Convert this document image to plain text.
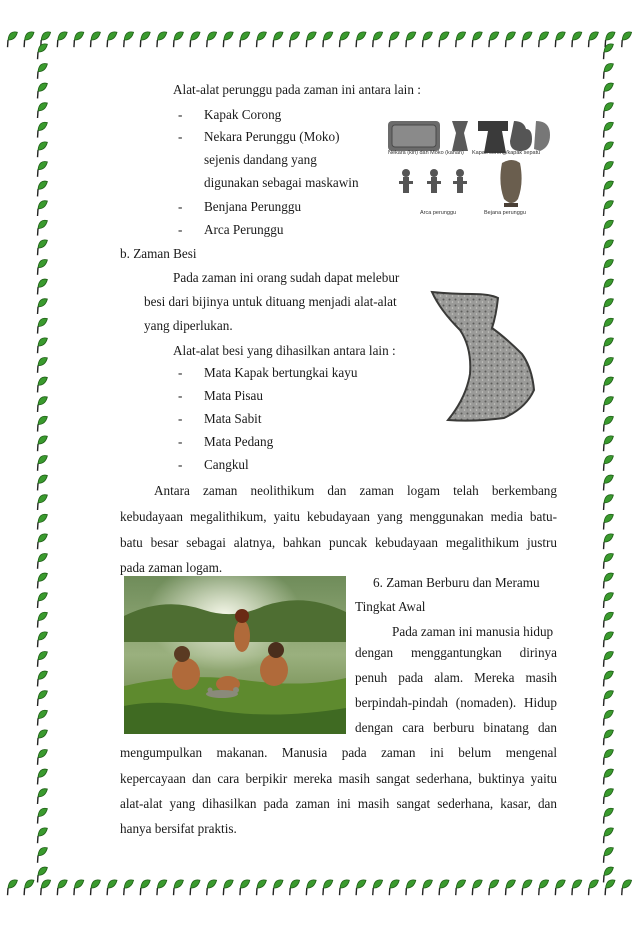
Alat-alat perunggu pada zaman ini antara lain :
- Kapak Corong
- Nekara Perunggu (Moko)
sejenis dandang yang
digunakan sebagai maskawin
- Benjana Perunggu
- Arca Perunggu
Nekara (kiri) dan Moko (kanan) Kapak corong/kapak sepatu
Arca perunggu	Bejana perunggu
b. Zaman Besi
Pada zaman ini orang sudah dapat melebur
besi dari bijinya untuk dituang menjadi alat-alat
yang diperlukan.
Alat-alat besi yang dihasilkan antara lain :
- Mata Kapak bertungkai kayu
- Mata Pisau
- Mata Sabit
- Mata Pedang
- Cangkul
Antara zaman neolithikum dan zaman logam telah berkembang
kebudayaan megalithikum, yaitu kebudayaan yang menggunakan media batu-
batu besar sebagai alatnya, bahkan puncak kebudayaan megalithikum justru
pada zaman logam.
6. Zaman Berburu dan Meramu
Tingkat Awal
Pada zaman ini manusia hidup
dengan menggantungkan dirinya
penuh pada alam. Mereka masih
berpindah-pindah (nomaden). Hidup
dengan cara berburu binatang dan
mengumpulkan makanan. Manusia pada zaman ini belum mengenal
kepercayaan dan cara berpikir mereka masih sangat sederhana, buktinya yaitu
alat-alat yang dihasilkan pada zaman ini masih sangat sederhana, kasar, dan
hanya bersifat praktis.
